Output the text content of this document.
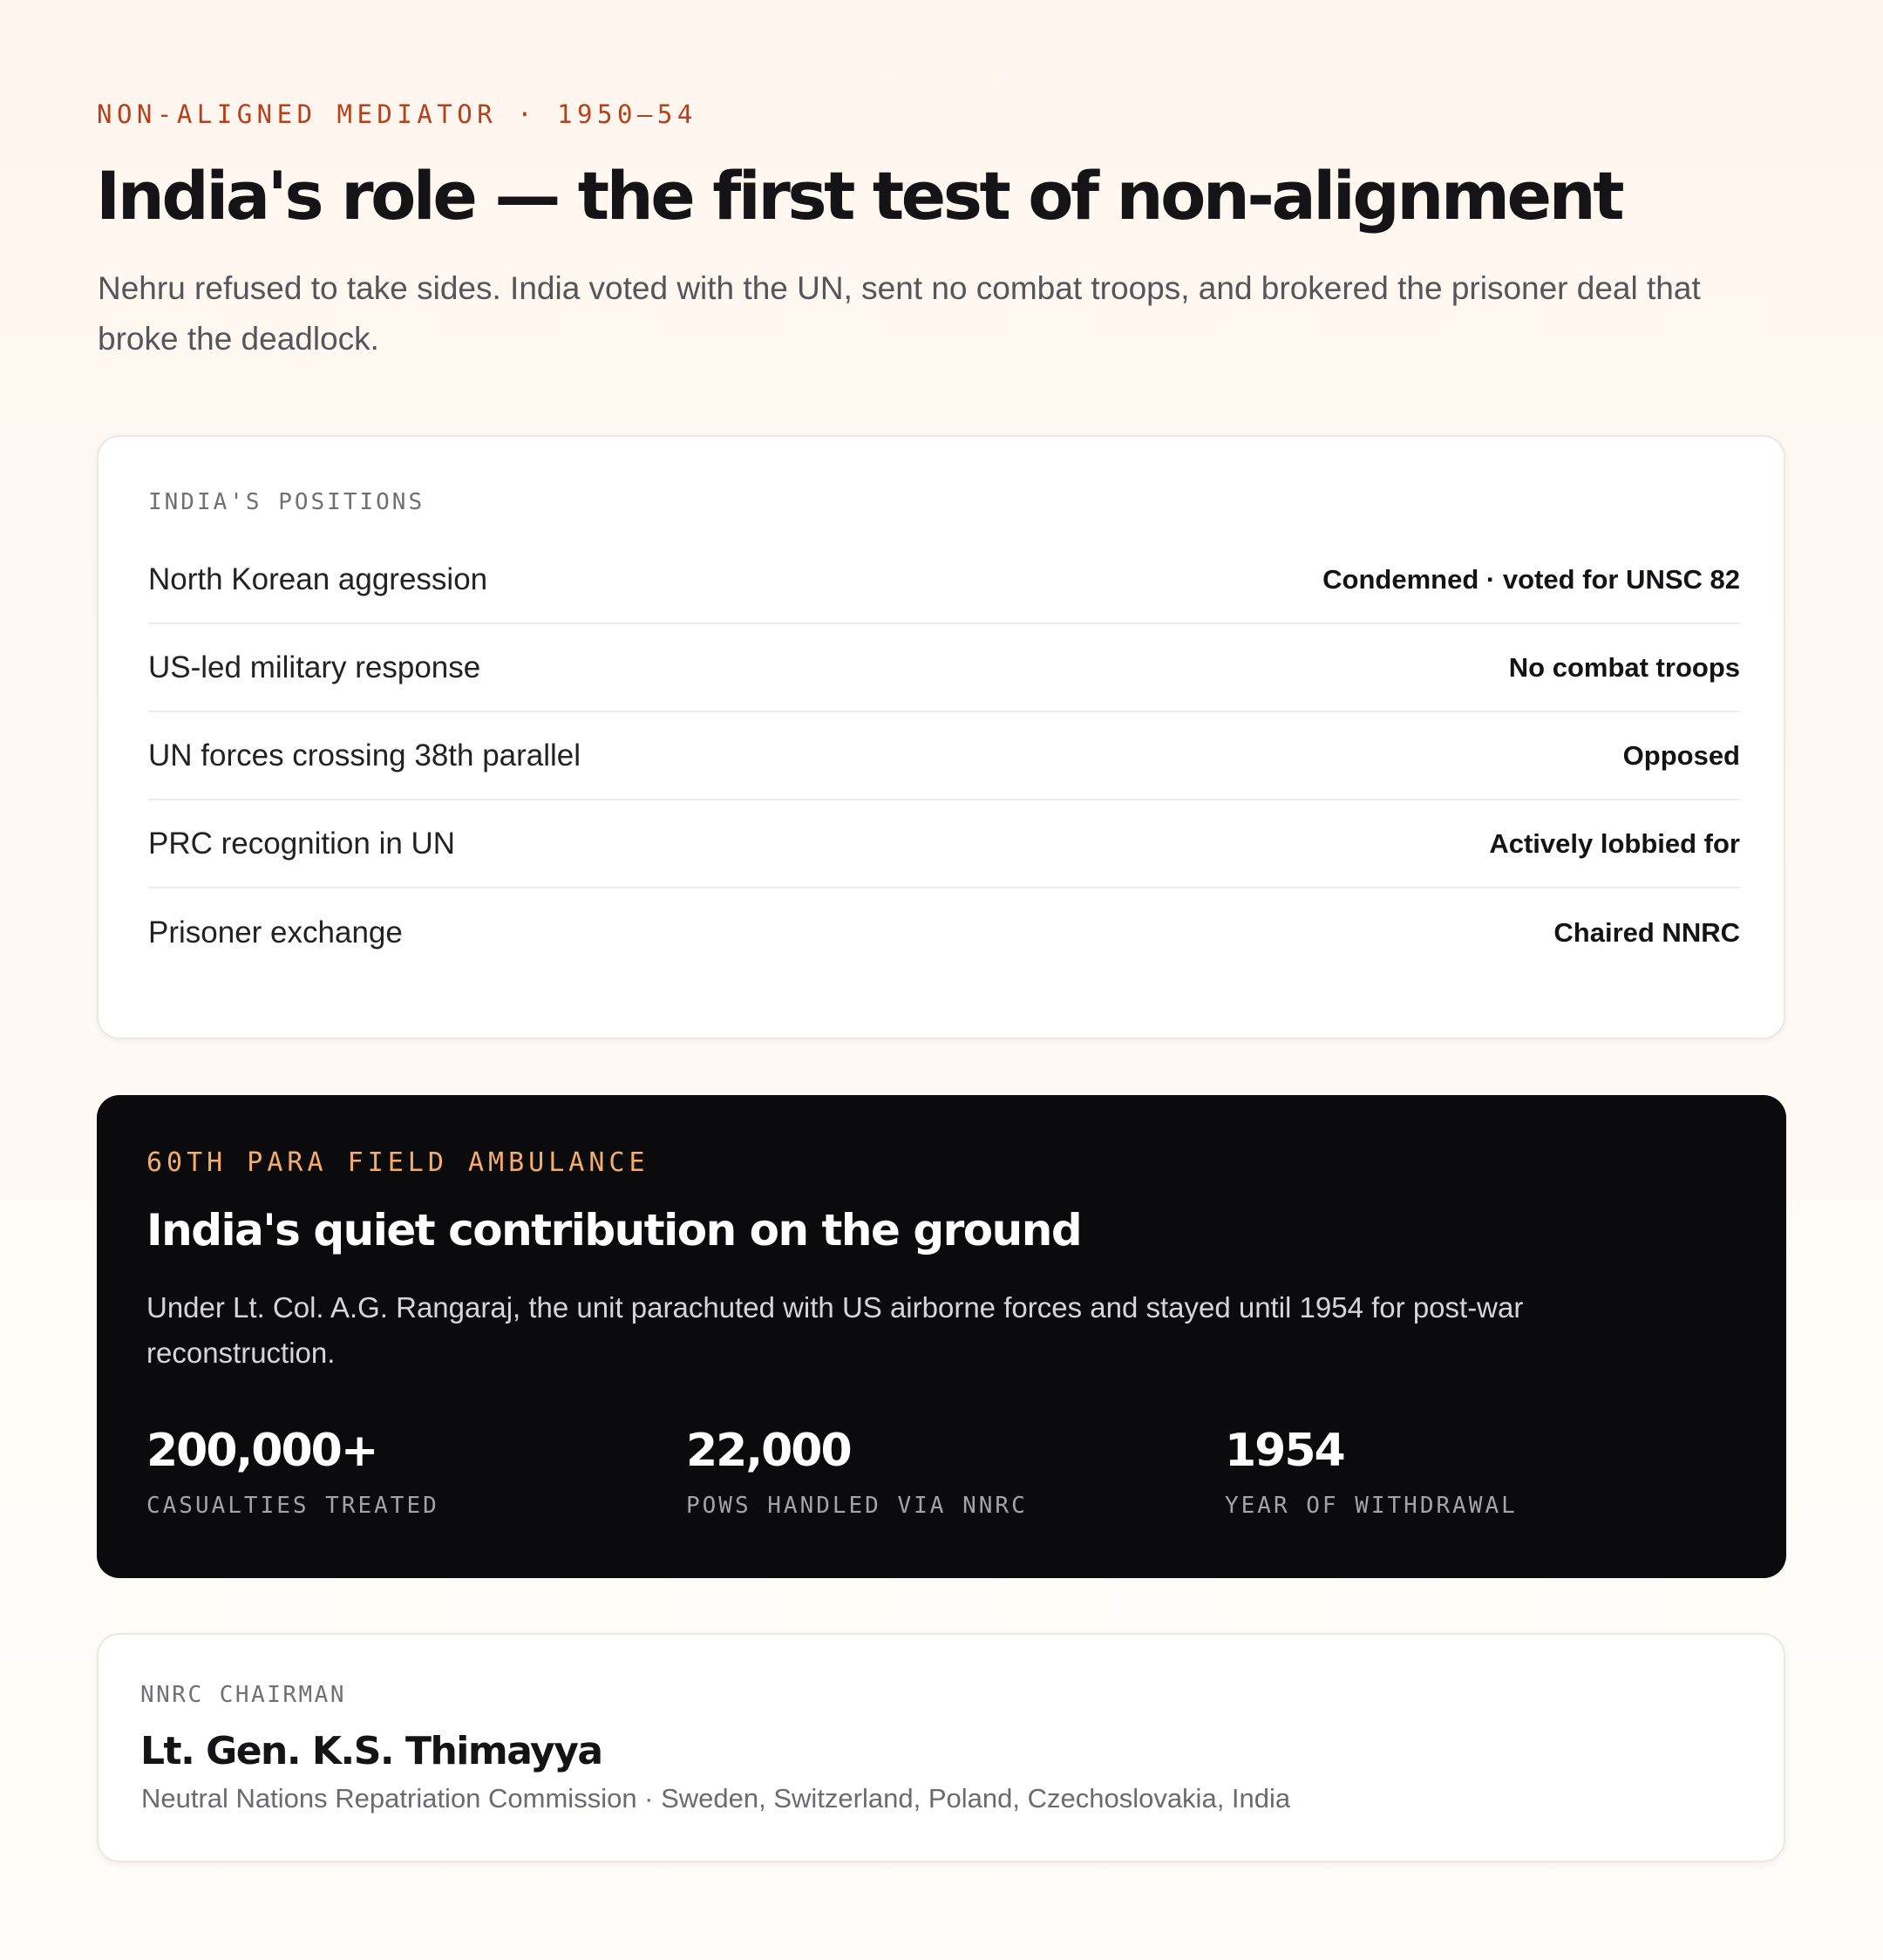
NON-ALIGNED MEDIATOR · 1950–54
India's role — the first test of non-alignment

Nehru refused to take sides. India voted with the UN, sent no combat troops, and brokered the prisoner deal that broke the deadlock.

INDIA'S POSITIONS
North Korean aggression	Condemned · voted for UNSC 82
US-led military response	No combat troops
UN forces crossing 38th parallel	Opposed
PRC recognition in UN	Actively lobbied for
Prisoner exchange	Chaired NNRC
60TH PARA FIELD AMBULANCE
India's quiet contribution on the ground

Under Lt. Col. A.G. Rangaraj, the unit parachuted with US airborne forces and stayed until 1954 for post-war reconstruction.

200,000+
CASUALTIES TREATED
22,000
POWS HANDLED VIA NNRC
1954
YEAR OF WITHDRAWAL
NNRC CHAIRMAN
Lt. Gen. K.S. Thimayya
Neutral Nations Repatriation Commission · Sweden, Switzerland, Poland, Czechoslovakia, India
